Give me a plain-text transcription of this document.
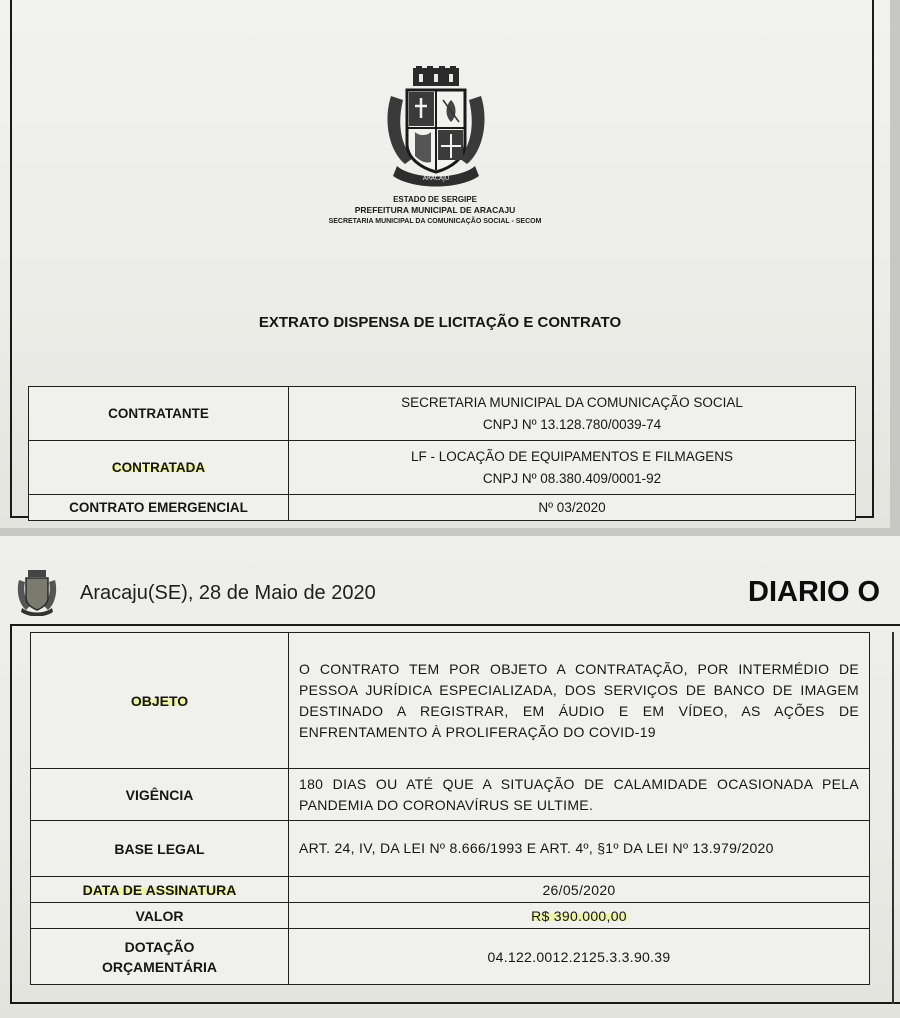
ARACAJU
ESTADO DE SERGIPE
PREFEITURA MUNICIPAL DE ARACAJU
SECRETARIA MUNICIPAL DA COMUNICAÇÃO SOCIAL - SECOM
EXTRATO DISPENSA DE LICITAÇÃO E CONTRATO
CONTRATANTE	SECRETARIA MUNICIPAL DA COMUNICAÇÃO SOCIAL
CNPJ Nº 13.128.780/0039-74

CONTRATADA	LF - LOCAÇÃO DE EQUIPAMENTOS E FILMAGENS
CNPJ Nº 08.380.409/0001-92

CONTRATO EMERGENCIAL	Nº 03/2020
Aracaju(SE), 28 de Maio de 2020	DIARIO O
OBJETO	O CONTRATO TEM POR OBJETO A CONTRATAÇÃO, POR INTERMÉDIO DE PESSOA JURÍDICA ESPECIALIZADA, DOS SERVIÇOS DE BANCO DE IMAGEM DESTINADO A REGISTRAR, EM ÁUDIO E EM VÍDEO, AS AÇÕES DE ENFRENTAMENTO À PROLIFERAÇÃO DO COVID-19
VIGÊNCIA	180 DIAS OU ATÉ QUE A SITUAÇÃO DE CALAMIDADE OCASIONADA PELA PANDEMIA DO CORONAVÍRUS SE ULTIME.
BASE LEGAL	ART. 24, IV, DA LEI Nº 8.666/1993 E ART. 4º, §1º DA LEI Nº 13.979/2020
DATA DE ASSINATURA	26/05/2020
VALOR	R$ 390.000,00

DOTAÇÃO
ORÇAMENTÁRIA	04.122.0012.2125.3.3.90.39
